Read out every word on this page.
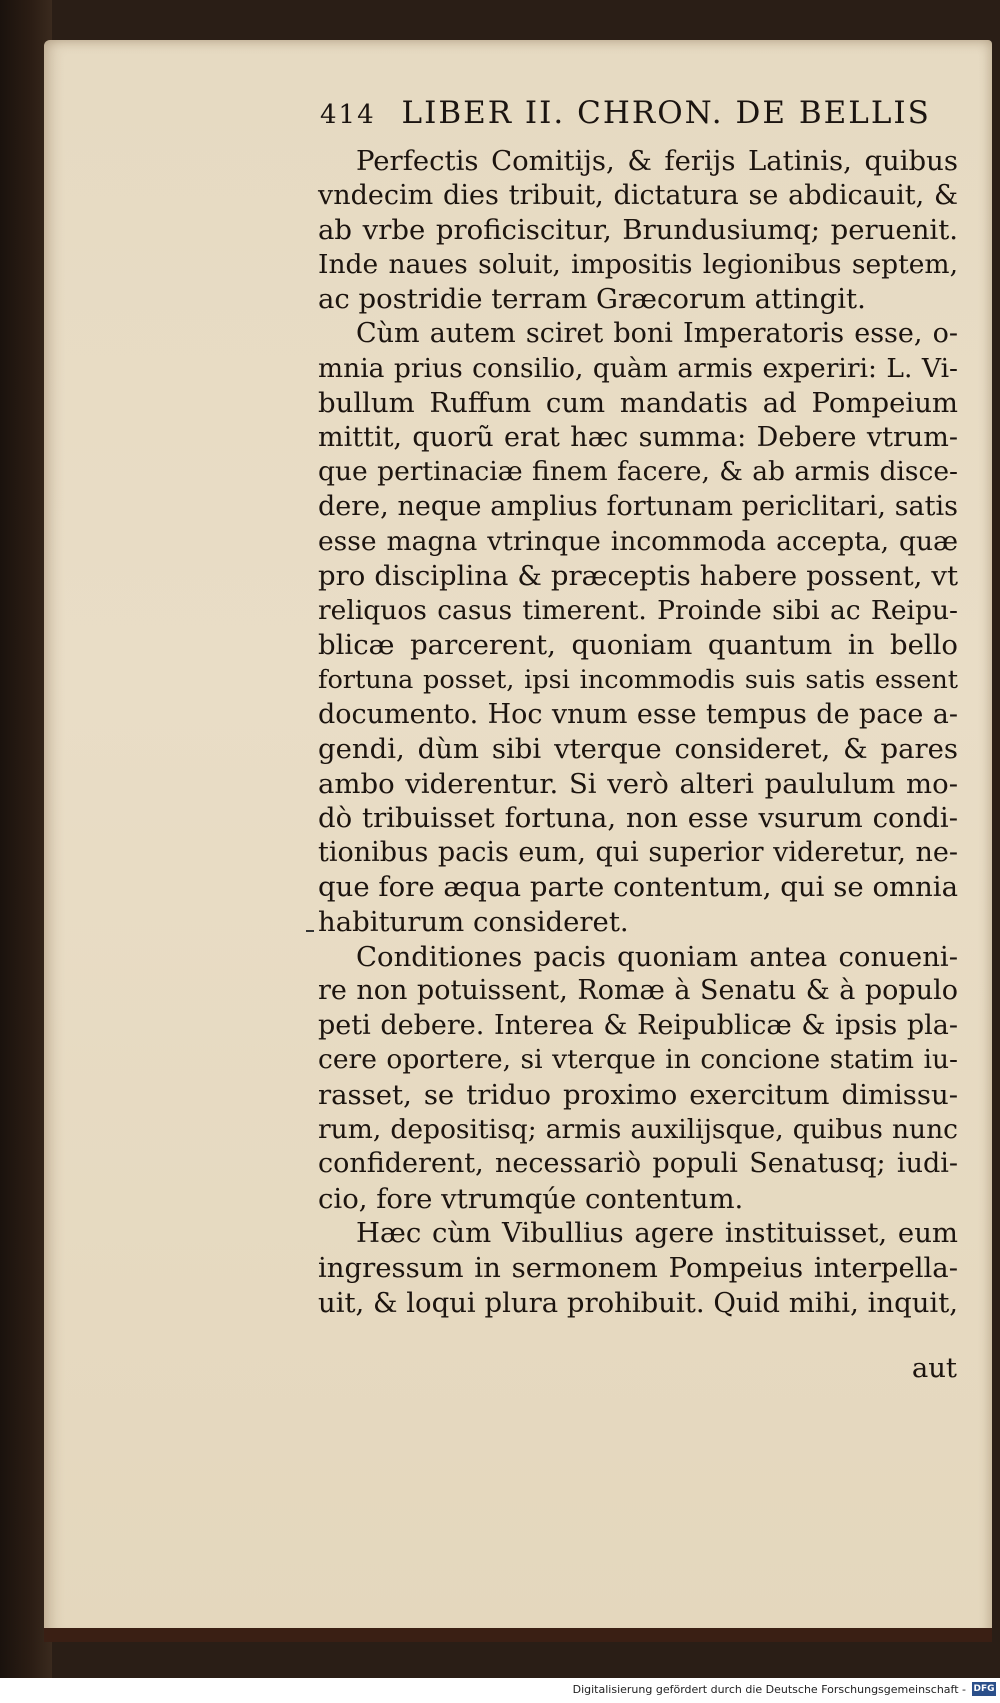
414 LIBER II. CHRON. DE BELLIS
Perfectis Comitijs, & ferijs Latinis, quibus
vndecim dies tribuit, dictatura se abdicauit, &
ab vrbe proficiscitur, Brundusiumq; peruenit.
Inde naues soluit, impositis legionibus septem,
ac postridie terram Græcorum attingit.
Cùm autem sciret boni Imperatoris esse, o-
mnia prius consilio, quàm armis experiri: L. Vi-
bullum Ruffum cum mandatis ad Pompeium
mittit, quorũ erat hæc summa: Debere vtrum-
que pertinaciæ finem facere, & ab armis disce-
dere, neque amplius fortunam periclitari, satis
esse magna vtrinque incommoda accepta, quæ
pro disciplina & præceptis habere possent, vt
reliquos casus timerent. Proinde sibi ac Reipu-
blicæ parcerent, quoniam quantum in bello
fortuna posset, ipsi incommodis suis satis essent
documento. Hoc vnum esse tempus de pace a-
gendi, dùm sibi vterque consideret, & pares
ambo viderentur. Si verò alteri paululum mo-
dò tribuisset fortuna, non esse vsurum condi-
tionibus pacis eum, qui superior videretur, ne-
que fore æqua parte contentum, qui se omnia
habiturum consideret.
Conditiones pacis quoniam antea conueni-
re non potuissent, Romæ à Senatu & à populo
peti debere. Interea & Reipublicæ & ipsis pla-
cere oportere, si vterque in concione statim iu-
rasset, se triduo proximo exercitum dimissu-
rum, depositisq; armis auxilijsque, quibus nunc
confiderent, necessariò populi Senatusq; iudi-
cio, fore vtrumqúe contentum.
Hæc cùm Vibullius agere instituisset, eum
ingressum in sermonem Pompeius interpella-
uit, & loqui plura prohibuit. Quid mihi, inquit,
aut
Digitalisierung gefördert durch die Deutsche Forschungsgemeinschaft - DFG
